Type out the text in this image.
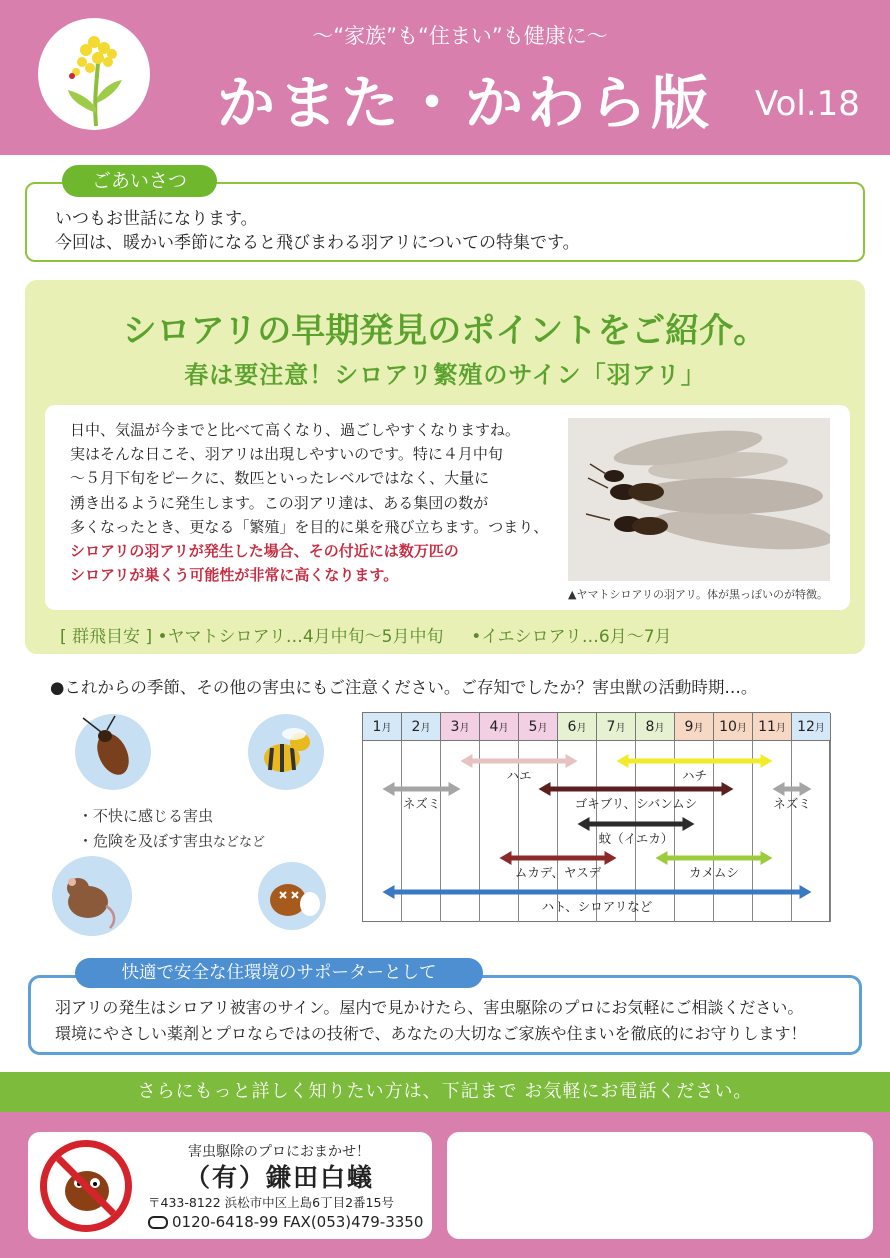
〜“家族”も“住まい”も健康に〜
かまた・かわら版	Vol.18
ごあいさつ
いつもお世話になります。
今回は、暖かい季節になると飛びまわる羽アリについての特集です。
シロアリの早期発見のポイントをご紹介。
春は要注意！シロアリ繁殖のサイン「羽アリ」
日中、気温が今までと比べて高くなり、過ごしやすくなりますね。
実はそんな日こそ、羽アリは出現しやすいのです。特に４月中旬
〜５月下旬をピークに、数匹といったレベルではなく、大量に
湧き出るように発生します。この羽アリ達は、ある集団の数が
多くなったとき、更なる「繁殖」を目的に巣を飛び立ちます。つまり、
シロアリの羽アリが発生した場合、その付近には数万匹の
シロアリが巣くう可能性が非常に高くなります。
▲ヤマトシロアリの羽アリ。体が黒っぽいのが特徴。
[ 群飛目安 ] •ヤマトシロアリ…4月中旬〜5月中旬　  •イエシロアリ…6月〜7月
●これからの季節、その他の害虫にもご注意ください。ご存知でしたか？害虫獣の活動時期…。
・不快に感じる害虫
・危険を及ぼす害虫などなど
1月	2月	3月	4月	5月	6月	7月	8月	9月	10月 11月 12月
ハエ	ハチ
ネズミ	ネズミ
ゴキブリ、シバンムシ
蚊（イエカ）
ムカデ、ヤスデ	カメムシ
ハト、シロアリなど
快適で安全な住環境のサポーターとして
羽アリの発生はシロアリ被害のサイン。屋内で見かけたら、害虫駆除のプロにお気軽にご相談ください。
環境にやさしい薬剤とプロならではの技術で、あなたの大切なご家族や住まいを徹底的にお守りします！
さらにもっと詳しく知りたい方は、下記まで お気軽にお電話ください。
害虫駆除のプロにおまかせ！
（有）鎌田白蟻
〒433-8122 浜松市中区上島6丁目2番15号
0120-6418-99 FAX(053)479-3350
